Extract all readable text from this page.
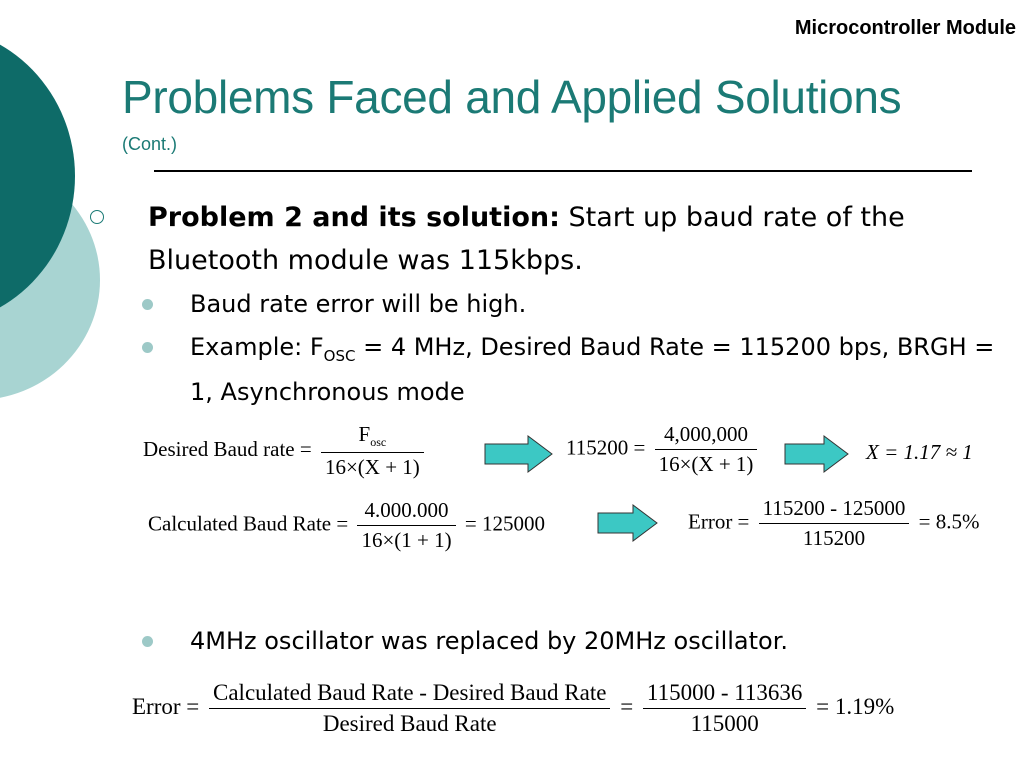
Microcontroller Module
Problems Faced and Applied Solutions
(Cont.)
Problem 2 and its solution: Start up baud rate of the Bluetooth module was 115kbps.
Baud rate error will be high.
Example: $F_{OSC} = 4$ MHz, Desired Baud Rate = 115200 bps, BRGH = 1, Asynchronous mode
Desired Baud rate = $\frac{F_{osc}}{16\times(X + 1)}$	$115200 = \frac{4,000,000}{16\times(X + 1)}$	X = 1.17 ≈ 1
Calculated Baud Rate = $\frac{4.000.000}{16\times(1 + 1)} = 125000$	Error = $\frac{115200 - 125000}{115200} = 8.5\%$
4MHz oscillator was replaced by 20MHz oscillator.
Error = $\frac{\text{Calculated Baud Rate - Desired Baud Rate}}{\text{Desired Baud Rate}} = \frac{115000 - 113636}{115000} = 1.19\%$
